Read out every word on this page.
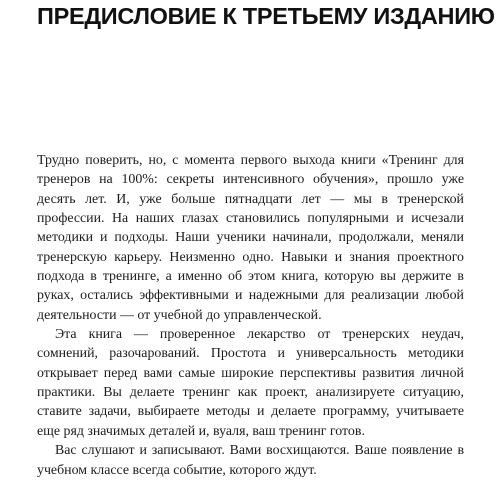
ПРЕДИСЛОВИЕ К ТРЕТЬЕМУ ИЗДАНИЮ

Трудно поверить, но, с момента первого выхода книги «Тренинг для тренеров на 100%: секреты интенсивного обучения», прошло уже десять лет. И, уже больше пятнадцати лет — мы в тренерской профессии. На наших глазах становились популярными и исчезали методики и подходы. Наши ученики начинали, продолжали, меняли тренерскую карьеру. Неизменно одно. Навыки и знания проектного подхода в тренинге, а именно об этом книга, которую вы держите в руках, остались эффективными и надежными для реализации любой деятельности — от учебной до управленческой.

Эта книга — проверенное лекарство от тренерских неудач, сомнений, разочарований. Простота и универсальность методики открывает перед вами самые широкие перспективы развития личной практики. Вы делаете тренинг как проект, анализируете ситуацию, ставите задачи, выбираете методы и делаете программу, учитываете еще ряд значимых деталей и, вуаля, ваш тренинг готов.

Вас слушают и записывают. Вами восхищаются. Ваше появление в учебном классе всегда событие, которого ждут.
